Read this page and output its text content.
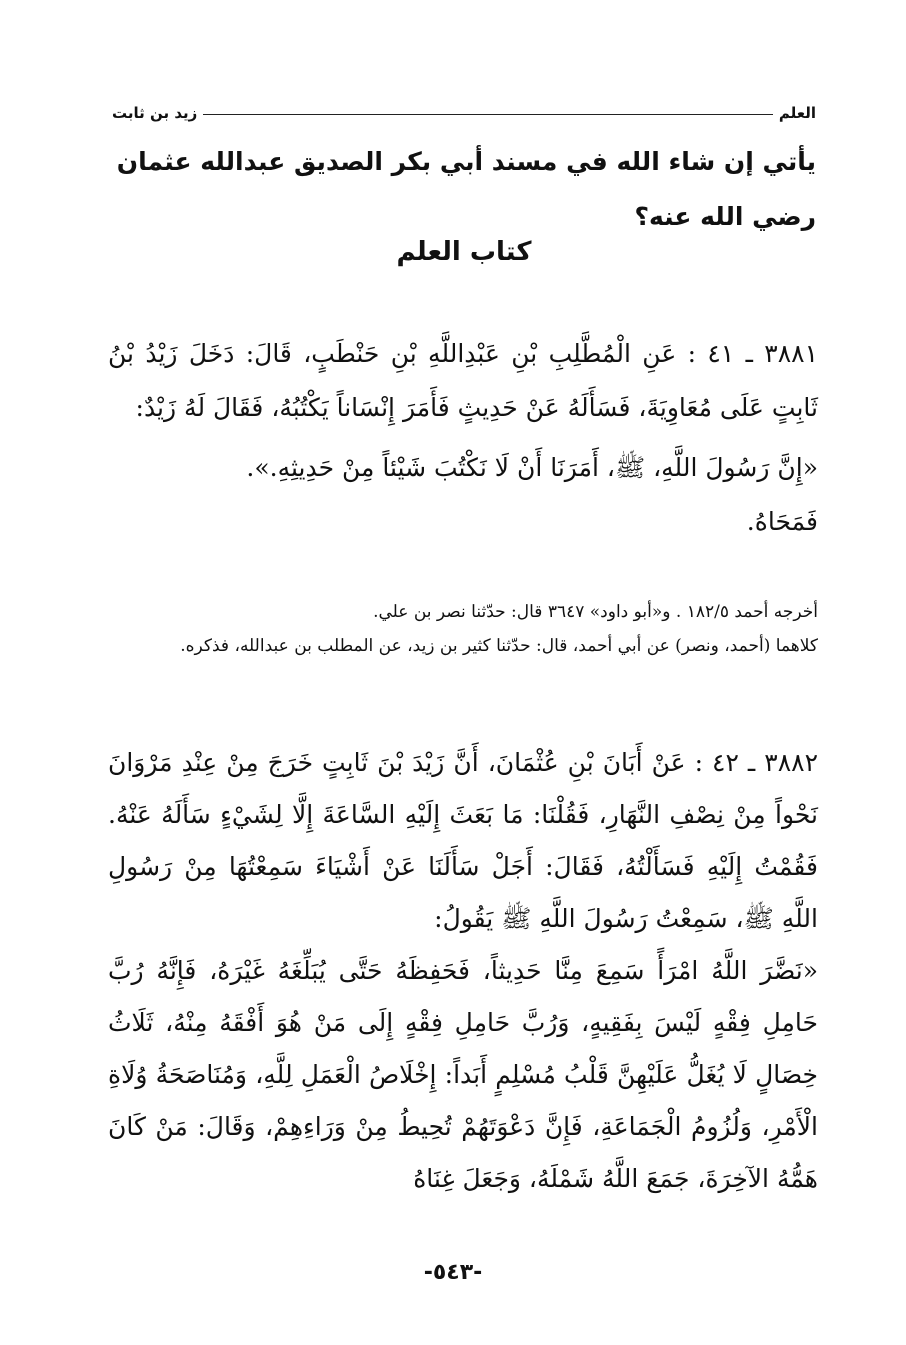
العلم
زيد بن ثابت

يأتي إن شاء الله في مسند أبي بكر الصديق عبدالله عثمان رضي الله عنه؟

كتاب العلم

٣٨٨١ ـ ٤١ : عَنِ الْمُطَّلِبِ بْنِ عَبْدِاللَّهِ بْنِ حَنْطَبٍ، قَالَ: دَخَلَ زَيْدُ بْنُ ثَابِتٍ عَلَى مُعَاوِيَةَ، فَسَأَلَهُ عَنْ حَدِيثٍ فَأَمَرَ إِنْسَاناً يَكْتُبُهُ، فَقَالَ لَهُ زَيْدٌ:

«إِنَّ رَسُولَ اللَّهِ، ﷺ، أَمَرَنَا أَنْ لَا نَكْتُبَ شَيْئاً مِنْ حَدِيثِهِ.».

فَمَحَاهُ.

أخرجه أحمد ١٨٢/٥ . و«أبو داود» ٣٦٤٧ قال: حدّثنا نصر بن علي.

كلاهما (أحمد، ونصر) عن أبي أحمد، قال: حدّثنا كثير بن زيد، عن المطلب بن عبدالله، فذكره.

٣٨٨٢ ـ ٤٢ : عَنْ أَبَانَ بْنِ عُثْمَانَ، أَنَّ زَيْدَ بْنَ ثَابِتٍ خَرَجَ مِنْ عِنْدِ مَرْوَانَ نَحْواً مِنْ نِصْفِ النَّهَارِ، فَقُلْنَا: مَا بَعَثَ إِلَيْهِ السَّاعَةَ إِلَّا لِشَيْءٍ سَأَلَهُ عَنْهُ. فَقُمْتُ إِلَيْهِ فَسَأَلْتُهُ، فَقَالَ: أَجَلْ سَأَلَنَا عَنْ أَشْيَاءَ سَمِعْتُهَا مِنْ رَسُولِ اللَّهِ ﷺ، سَمِعْتُ رَسُولَ اللَّهِ ﷺ يَقُولُ:

«نَضَّرَ اللَّهُ امْرَأً سَمِعَ مِنَّا حَدِيثاً، فَحَفِظَهُ حَتَّى يُبَلِّغَهُ غَيْرَهُ، فَإِنَّهُ رُبَّ حَامِلِ فِقْهٍ لَيْسَ بِفَقِيهٍ، وَرُبَّ حَامِلِ فِقْهٍ إِلَى مَنْ هُوَ أَفْقَهُ مِنْهُ، ثَلَاثُ خِصَالٍ لَا يُغَلُّ عَلَيْهِنَّ قَلْبُ مُسْلِمٍ أَبَداً: إِخْلَاصُ الْعَمَلِ لِلَّهِ، وَمُنَاصَحَةُ وُلَاةِ الْأَمْرِ، وَلُزُومُ الْجَمَاعَةِ، فَإِنَّ دَعْوَتَهُمْ تُحِيطُ مِنْ وَرَاءِهِمْ، وَقَالَ: مَنْ كَانَ هَمُّهُ الآخِرَةَ، جَمَعَ اللَّهُ شَمْلَهُ، وَجَعَلَ غِنَاهُ

-٥٤٣-
